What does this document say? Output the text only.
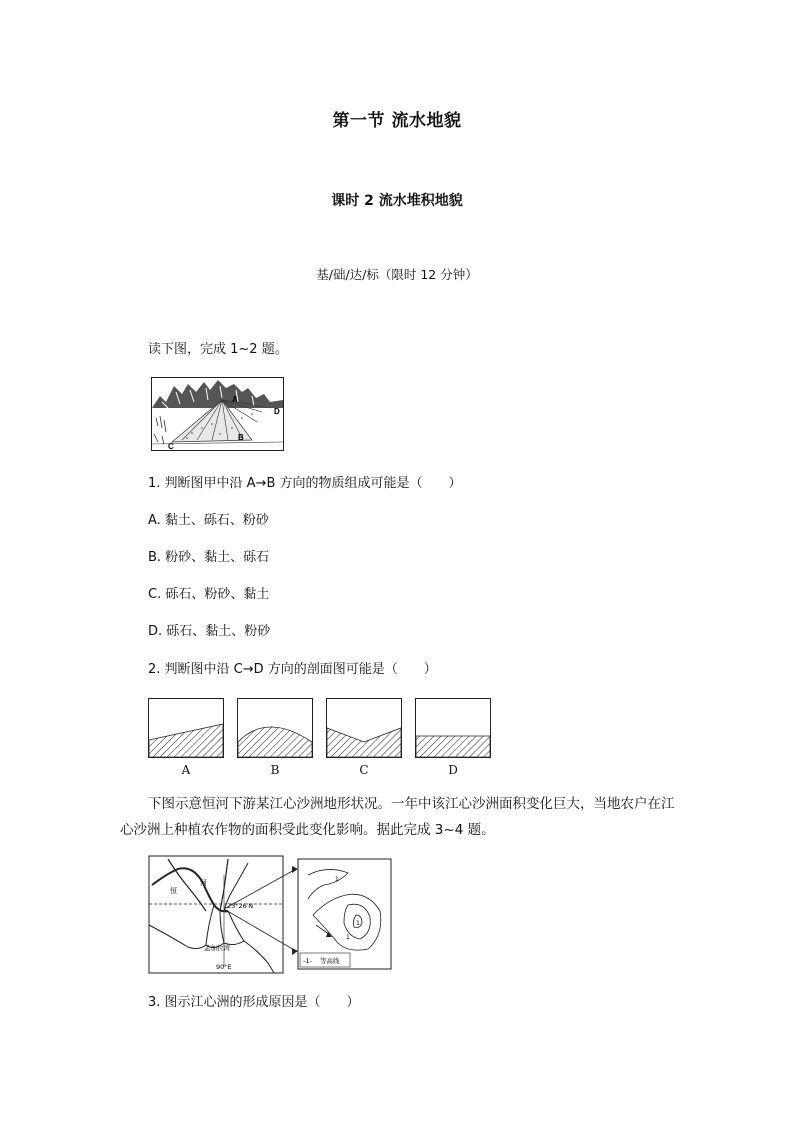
第一节 流水地貌
课时 2 流水堆积地貌
基/础/达/标（限时 12 分钟）
读下图，完成 1~2 题。
A
B
C
D
1. 判断图甲中沿 A→B 方向的物质组成可能是（　　）
A. 黏土、砾石、粉砂
B. 粉砂、黏土、砾石
C. 砾石、粉砂、黏土
D. 砾石、黏土、粉砂
2. 判断图中沿 C→D 方向的剖面图可能是（　　）
A	B	C	D
下图示意恒河下游某江心沙洲地形状况。一年中该江心沙洲面积变化巨大，当地农户在江心沙洲上种植农作物的面积受此变化影响。据此完成 3~4 题。
恒
河
23°26′N
孟加拉湾
90°E
1
1
1
-1- 等高线
3. 图示江心洲的形成原因是（　　）
